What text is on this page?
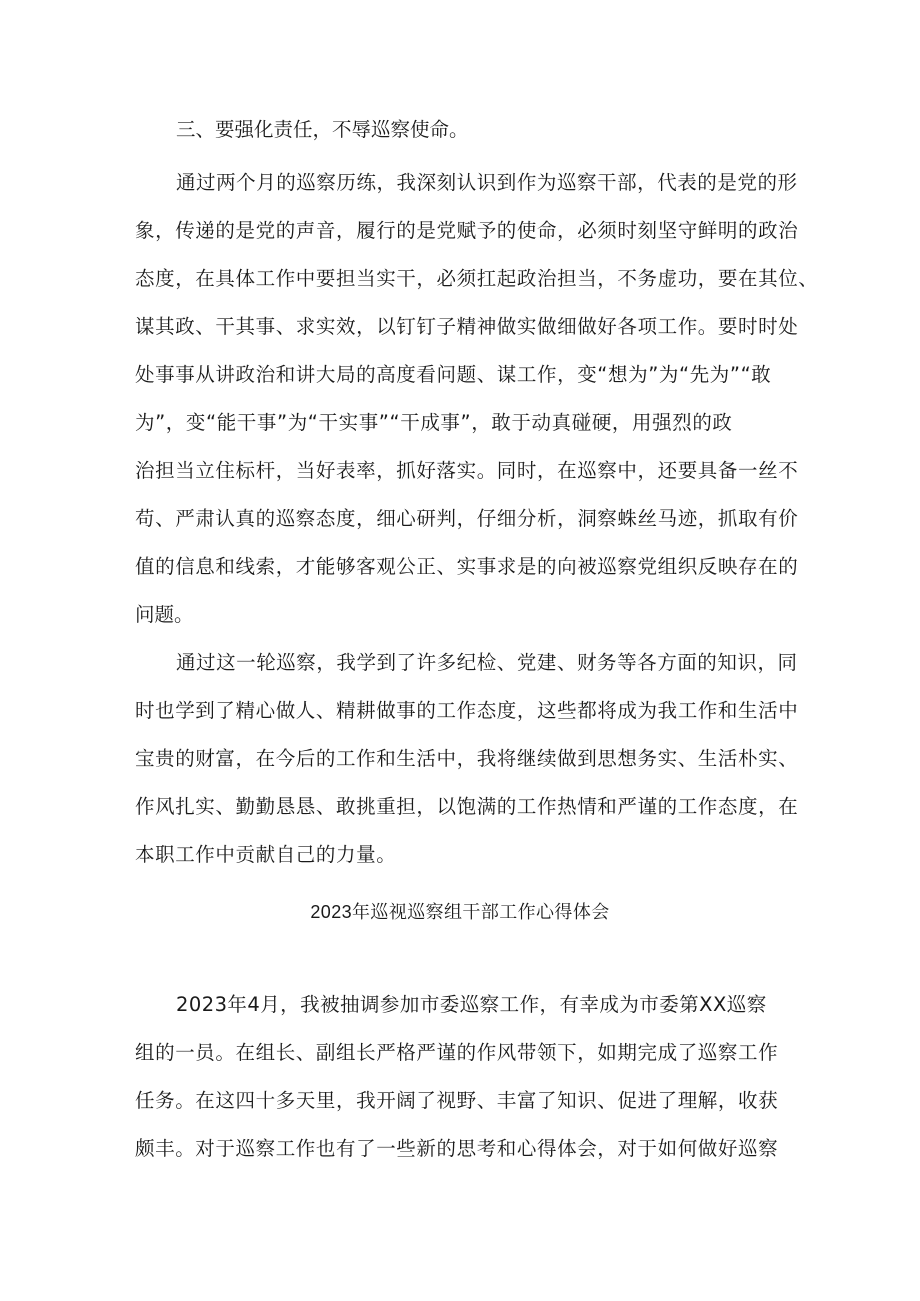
三、要强化责任，不辱巡察使命。
通过两个月的巡察历练，我深刻认识到作为巡察干部，代表的是党的形
象，传递的是党的声音，履行的是党赋予的使命，必须时刻坚守鲜明的政治
态度，在具体工作中要担当实干，必须扛起政治担当，不务虚功，要在其位、
谋其政、干其事、求实效，以钉钉子精神做实做细做好各项工作。要时时处
处事事从讲政治和讲大局的高度看问题、谋工作，变“想为”为“先为”“敢
为”，变“能干事”为“干实事”“干成事”，敢于动真碰硬，用强烈的政
治担当立住标杆，当好表率，抓好落实。同时，在巡察中，还要具备一丝不
苟、严肃认真的巡察态度，细心研判，仔细分析，洞察蛛丝马迹，抓取有价
值的信息和线索，才能够客观公正、实事求是的向被巡察党组织反映存在的
问题。
通过这一轮巡察，我学到了许多纪检、党建、财务等各方面的知识，同
时也学到了精心做人、精耕做事的工作态度，这些都将成为我工作和生活中
宝贵的财富，在今后的工作和生活中，我将继续做到思想务实、生活朴实、
作风扎实、勤勤恳恳、敢挑重担，以饱满的工作热情和严谨的工作态度，在
本职工作中贡献自己的力量。
2023年巡视巡察组干部工作心得体会
2023年4月，我被抽调参加市委巡察工作，有幸成为市委第XX巡察
组的一员。在组长、副组长严格严谨的作风带领下，如期完成了巡察工作
任务。在这四十多天里，我开阔了视野、丰富了知识、促进了理解，收获
颇丰。对于巡察工作也有了一些新的思考和心得体会，对于如何做好巡察
